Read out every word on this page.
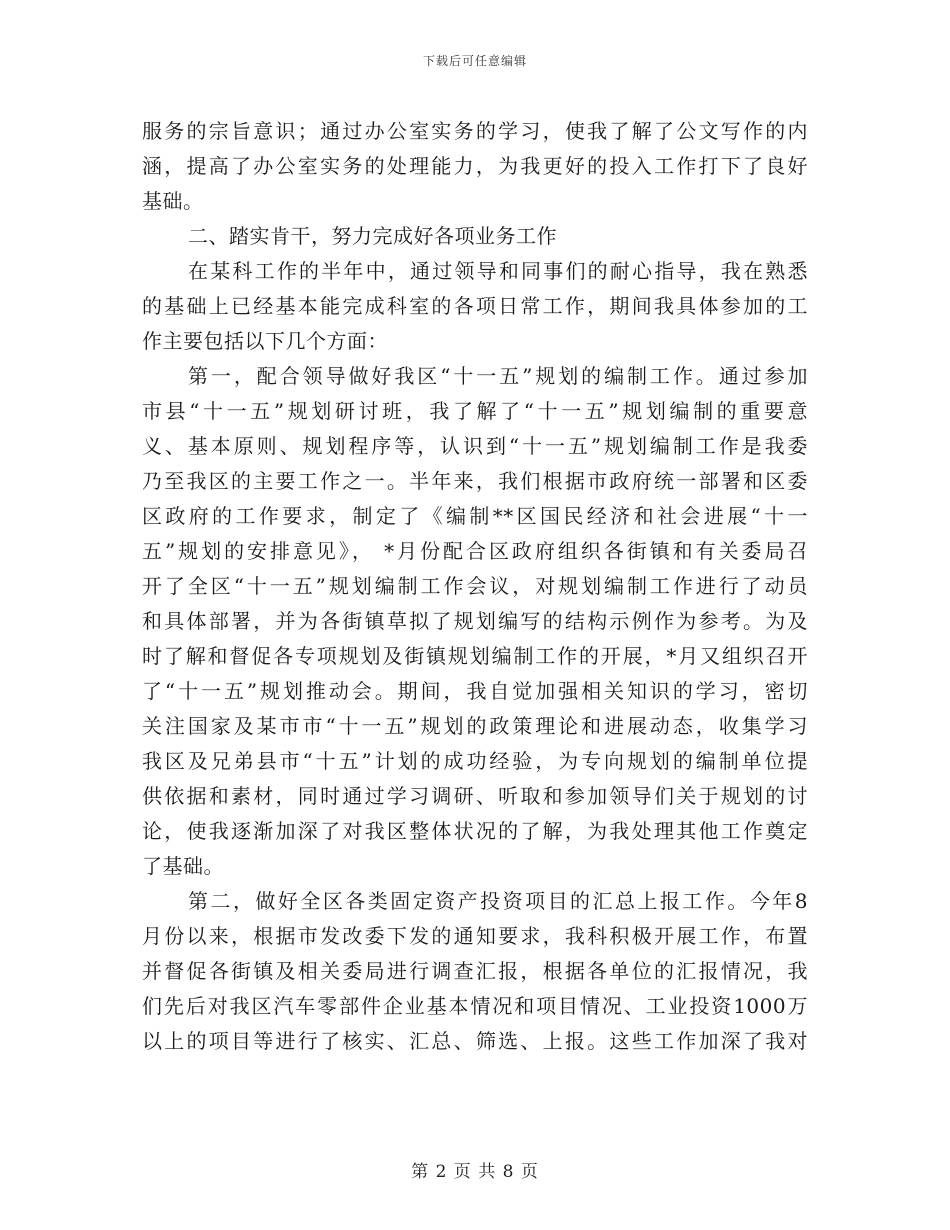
下载后可任意编辑

服务的宗旨意识；通过办公室实务的学习，使我了解了公文写作的内

涵，提高了办公室实务的处理能力，为我更好的投入工作打下了良好

基础。

二、踏实肯干，努力完成好各项业务工作

在某科工作的半年中，通过领导和同事们的耐心指导，我在熟悉

的基础上已经基本能完成科室的各项日常工作，期间我具体参加的工

作主要包括以下几个方面：

第一，配合领导做好我区“十一五”规划的编制工作。通过参加

市县“十一五”规划研讨班，我了解了“十一五”规划编制的重要意

义、基本原则、规划程序等，认识到“十一五”规划编制工作是我委

乃至我区的主要工作之一。半年来，我们根据市政府统一部署和区委

区政府的工作要求，制定了《编制**区国民经济和社会进展“十一

五”规划的安排意见》， *月份配合区政府组织各街镇和有关委局召

开了全区“十一五”规划编制工作会议，对规划编制工作进行了动员

和具体部署，并为各街镇草拟了规划编写的结构示例作为参考。为及

时了解和督促各专项规划及街镇规划编制工作的开展，*月又组织召开

了“十一五”规划推动会。期间，我自觉加强相关知识的学习，密切

关注国家及某市市“十一五”规划的政策理论和进展动态，收集学习

我区及兄弟县市“十五”计划的成功经验，为专向规划的编制单位提

供依据和素材，同时通过学习调研、听取和参加领导们关于规划的讨

论，使我逐渐加深了对我区整体状况的了解，为我处理其他工作奠定

了基础。

第二，做好全区各类固定资产投资项目的汇总上报工作。今年8

月份以来，根据市发改委下发的通知要求，我科积极开展工作，布置

并督促各街镇及相关委局进行调查汇报，根据各单位的汇报情况，我

们先后对我区汽车零部件企业基本情况和项目情况、工业投资1000万

以上的项目等进行了核实、汇总、筛选、上报。这些工作加深了我对

第 2 页 共 8 页
